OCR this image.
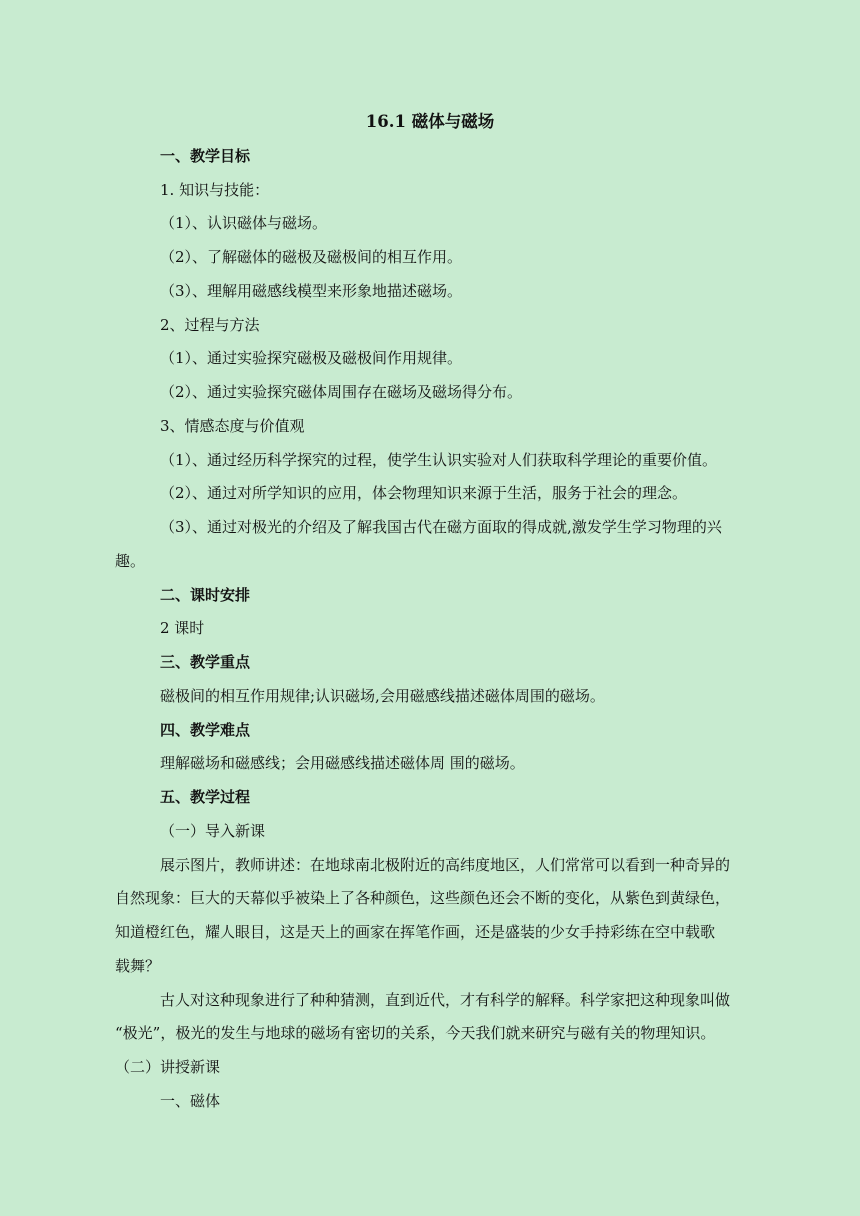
16.1 磁体与磁场
一、教学目标
1. 知识与技能：
（1）、认识磁体与磁场。
（2）、了解磁体的磁极及磁极间的相互作用。
（3）、理解用磁感线模型来形象地描述磁场。
2、过程与方法
（1）、通过实验探究磁极及磁极间作用规律。
（2）、通过实验探究磁体周围存在磁场及磁场得分布。
3、情感态度与价值观
（1）、通过经历科学探究的过程，使学生认识实验对人们获取科学理论的重要价值。
（2）、通过对所学知识的应用，体会物理知识来源于生活，服务于社会的理念。
（3）、通过对极光的介绍及了解我国古代在磁方面取的得成就,激发学生学习物理的兴
趣。
二、课时安排
2 课时
三、教学重点
磁极间的相互作用规律;认识磁场,会用磁感线描述磁体周围的磁场。
四、教学难点
理解磁场和磁感线；会用磁感线描述磁体周 围的磁场。
五、教学过程
（一）导入新课
展示图片，教师讲述：在地球南北极附近的高纬度地区，人们常常可以看到一种奇异的
自然现象：巨大的天幕似乎被染上了各种颜色，这些颜色还会不断的变化，从紫色到黄绿色，
知道橙红色，耀人眼目，这是天上的画家在挥笔作画，还是盛装的少女手持彩练在空中载歌
载舞？
古人对这种现象进行了种种猜测，直到近代，才有科学的解释。科学家把这种现象叫做
“极光”，极光的发生与地球的磁场有密切的关系，今天我们就来研究与磁有关的物理知识。
（二）讲授新课
一、磁体
